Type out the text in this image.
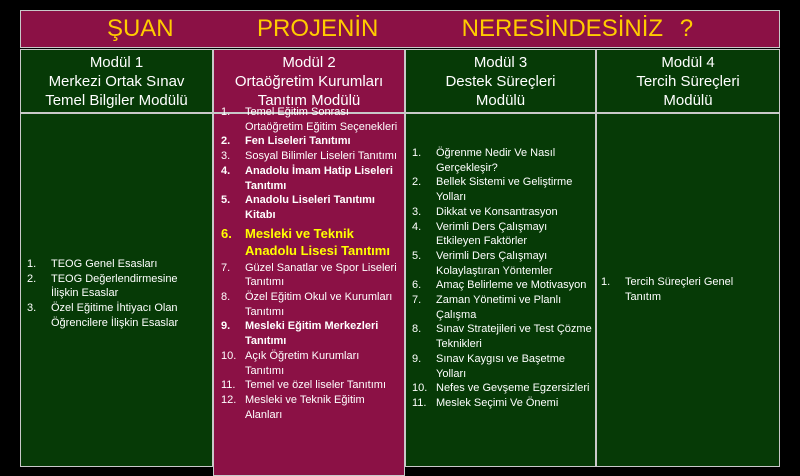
ŞUAN     PROJENİN     NERESİNDESİNİZ ?
Modül 1
Merkezi Ortak Sınav
Temel Bilgiler Modülü
Modül 2
Ortaöğretim Kurumları
Tanıtım Modülü
Modül 3
Destek Süreçleri
Modülü
Modül 4
Tercih Süreçleri
Modülü
1. TEOG Genel Esasları
2. TEOG Değerlendirmesine İlişkin Esaslar
3. Özel Eğitime İhtiyacı Olan Öğrencilere İlişkin Esaslar
1. Temel Eğitim Sonrası Ortaöğretim Eğitim Seçenekleri
2. Fen Liseleri Tanıtımı
3. Sosyal Bilimler Liseleri Tanıtımı
4. Anadolu İmam Hatip Liseleri Tanıtımı
5. Anadolu Liseleri Tanıtımı Kitabı
6. Mesleki ve Teknik Anadolu Lisesi Tanıtımı
7. Güzel Sanatlar ve Spor Liseleri Tanıtımı
8. Özel Eğitim Okul ve Kurumları Tanıtımı
9. Mesleki Eğitim Merkezleri Tanıtımı
10. Açık Öğretim Kurumları Tanıtımı
11. Temel ve özel liseler Tanıtımı
12. Mesleki ve Teknik Eğitim Alanları
1. Öğrenme Nedir Ve Nasıl Gerçekleşir?
2. Bellek Sistemi ve Geliştirme Yolları
3. Dikkat ve Konsantrasyon
4. Verimli Ders Çalışmayı Etkileyen Faktörler
5. Verimli Ders Çalışmayı Kolaylaştıran Yöntemler
6. Amaç Belirleme ve Motivasyon
7. Zaman Yönetimi ve Planlı Çalışma
8. Sınav Stratejileri ve Test Çözme Teknikleri
9. Sınav Kaygısı ve Başetme Yolları
10. Nefes ve Gevşeme Egzersizleri
11. Meslek Seçimi Ve Önemi
1. Tercih Süreçleri Genel Tanıtım
